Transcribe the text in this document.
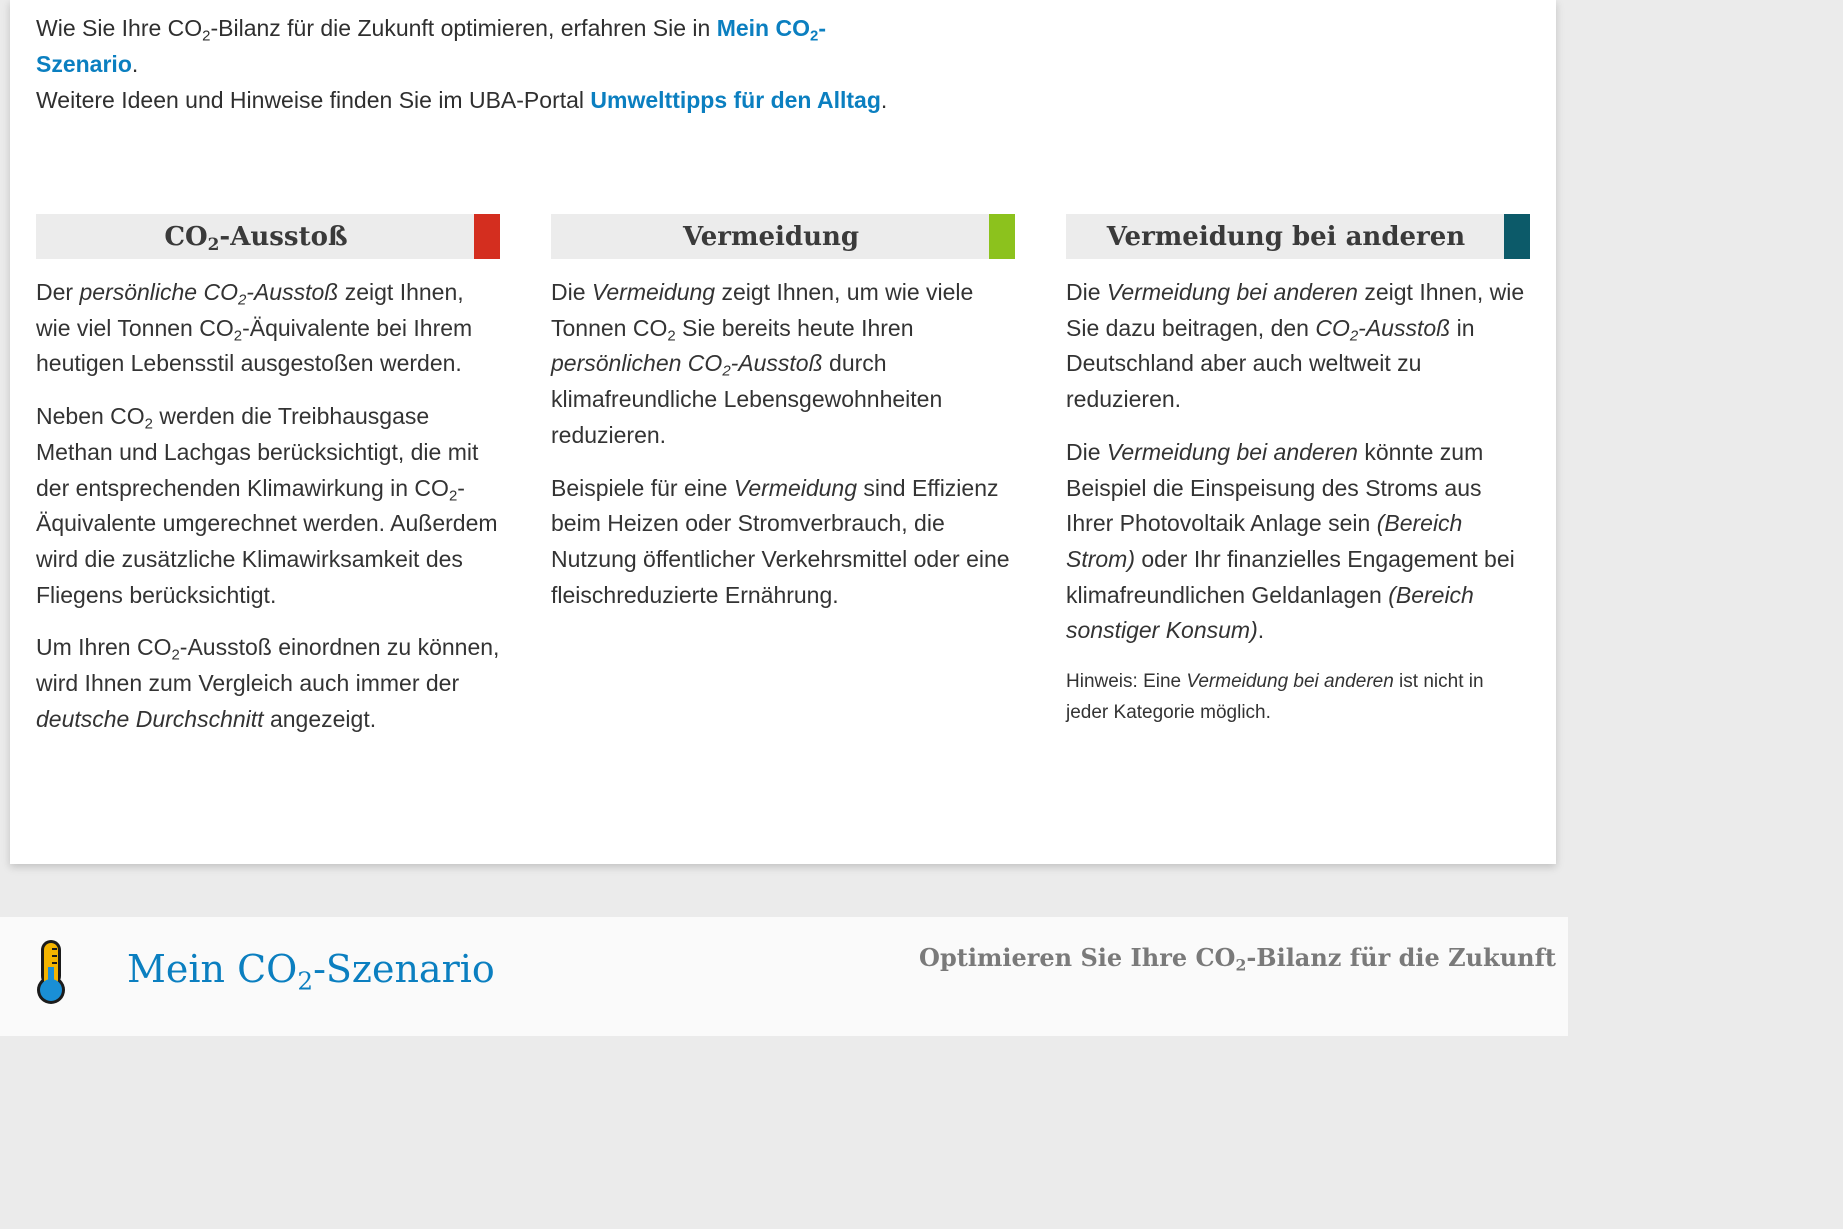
Wie Sie Ihre $CO_2$-Bilanz für die Zukunft optimieren, erfahren Sie in Mein $CO_2$-Szenario.

Weitere Ideen und Hinweise finden Sie im UBA-Portal Umwelttipps für den Alltag.

$CO_2$-Ausstoß

Der persönliche $CO_2$-Ausstoß zeigt Ihnen, wie viel Tonnen $CO_2$-Äquivalente bei Ihrem heutigen Lebensstil ausgestoßen werden.

Neben $CO_2$ werden die Treibhausgase Methan und Lachgas berücksichtigt, die mit der entsprechenden Klimawirkung in $CO_2$-Äquivalente umgerechnet werden. Außerdem wird die zusätzliche Klimawirksamkeit des Fliegens berücksichtigt.

Um Ihren $CO_2$-Ausstoß einordnen zu können, wird Ihnen zum Vergleich auch immer der deutsche Durchschnitt angezeigt.

Vermeidung

Die Vermeidung zeigt Ihnen, um wie viele Tonnen $CO_2$ Sie bereits heute Ihren persönlichen $CO_2$-Ausstoß durch klimafreundliche Lebensgewohnheiten reduzieren.

Beispiele für eine Vermeidung sind Effizienz beim Heizen oder Stromverbrauch, die Nutzung öffentlicher Verkehrsmittel oder eine fleischreduzierte Ernährung.

Vermeidung bei anderen

Die Vermeidung bei anderen zeigt Ihnen, wie Sie dazu beitragen, den $CO_2$-Ausstoß in Deutschland aber auch weltweit zu reduzieren.

Die Vermeidung bei anderen könnte zum Beispiel die Einspeisung des Stroms aus Ihrer Photovoltaik Anlage sein (Bereich Strom) oder Ihr finanzielles Engagement bei klimafreundlichen Geldanlagen (Bereich sonstiger Konsum).

Hinweis: Eine Vermeidung bei anderen ist nicht in jeder Kategorie möglich.

Mein $CO_2$-Szenario	Optimieren Sie Ihre $CO_2$-Bilanz für die Zukunft
